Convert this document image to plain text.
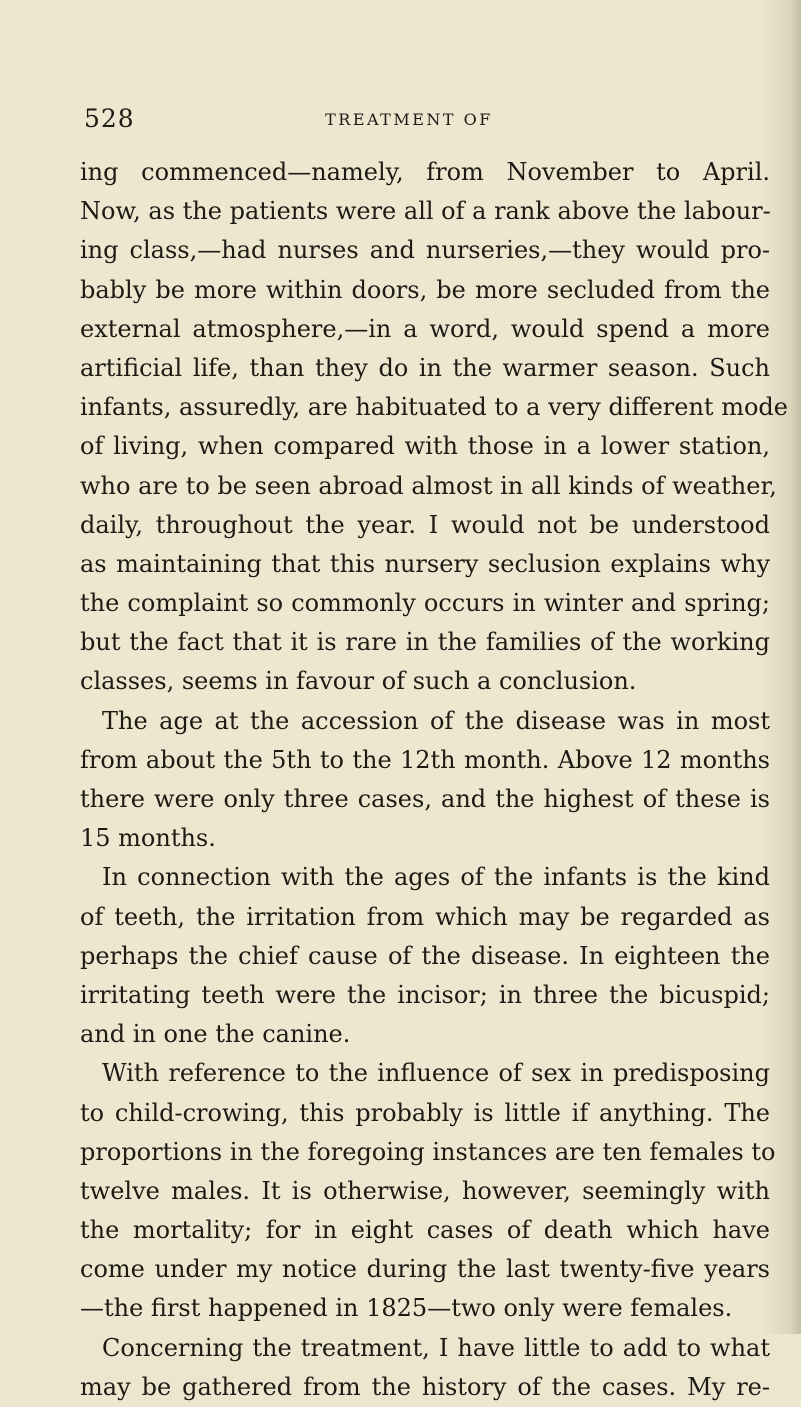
528	TREATMENT OF
ing commenced—namely, from November to April.
Now, as the patients were all of a rank above the labour-
ing class,—had nurses and nurseries,—they would pro-
bably be more within doors, be more secluded from the
external atmosphere,—in a word, would spend a more
artificial life, than they do in the warmer season. Such
infants, assuredly, are habituated to a very different mode
of living, when compared with those in a lower station,
who are to be seen abroad almost in all kinds of weather,
daily, throughout the year. I would not be understood
as maintaining that this nursery seclusion explains why
the complaint so commonly occurs in winter and spring;
but the fact that it is rare in the families of the working
classes, seems in favour of such a conclusion.
The age at the accession of the disease was in most
from about the 5th to the 12th month. Above 12 months
there were only three cases, and the highest of these is
15 months.
In connection with the ages of the infants is the kind
of teeth, the irritation from which may be regarded as
perhaps the chief cause of the disease. In eighteen the
irritating teeth were the incisor; in three the bicuspid;
and in one the canine.
With reference to the influence of sex in predisposing
to child-crowing, this probably is little if anything. The
proportions in the foregoing instances are ten females to
twelve males. It is otherwise, however, seemingly with
the mortality; for in eight cases of death which have
come under my notice during the last twenty-five years
—the first happened in 1825—two only were females.
Concerning the treatment, I have little to add to what
may be gathered from the history of the cases. My re-
